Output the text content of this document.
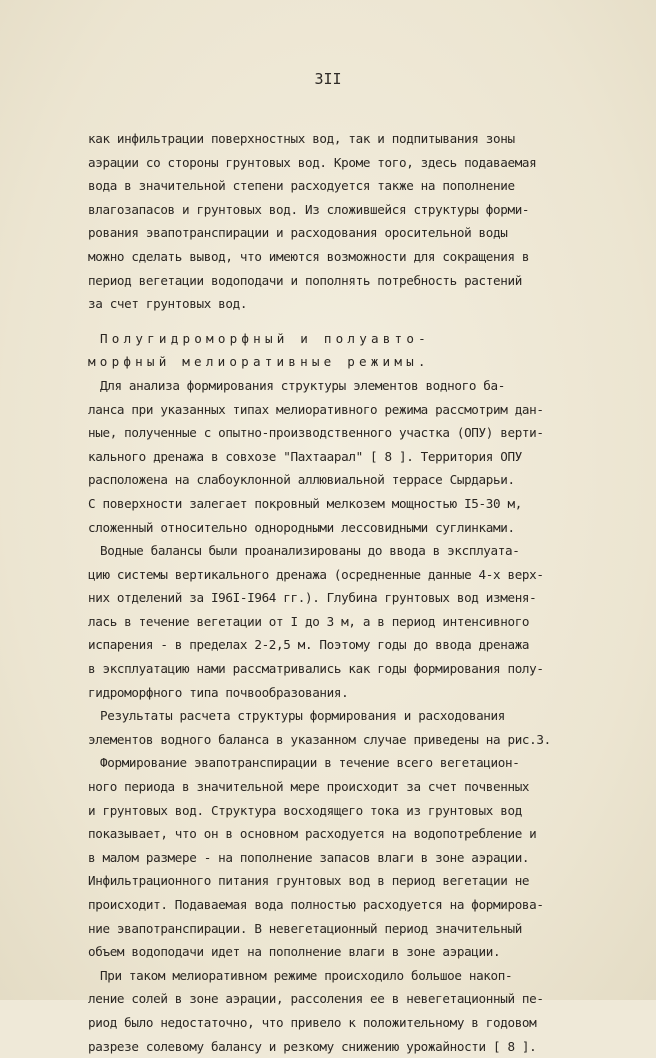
3II
как инфильтрации поверхностных вод, так и подпитывания зоны
аэрации со стороны грунтовых вод. Кроме того, здесь подаваемая
вода в значительной степени расходуется также на пополнение
влагозапасов и грунтовых вод. Из сложившейся структуры форми-
рования эвапотранспирации и расходования оросительной воды
можно сделать вывод, что имеются возможности для сокращения в
период вегетации водоподачи и пополнять потребность растений
за счет грунтовых вод.
Полугидроморфный и полуавто-
морфный мелиоративные режимы.
Для анализа формирования структуры элементов водного ба-
ланса при указанных типах мелиоративного режима рассмотрим дан-
ные, полученные с опытно-производственного участка (ОПУ) верти-
кального дренажа в совхозе "Пахтаарал" [ 8 ]. Территория ОПУ
расположена на слабоуклонной аллювиальной террасе Сырдарьи.
С поверхности залегает покровный мелкозем мощностью I5-30 м,
сложенный относительно однородными лессовидными суглинками.
Водные балансы были проанализированы до ввода в эксплуата-
цию системы вертикального дренажа (осредненные данные 4-х верх-
них отделений за I96I-I964 гг.). Глубина грунтовых вод изменя-
лась в течение вегетации от I до 3 м, а в период интенсивного
испарения - в пределах 2-2,5 м. Поэтому годы до ввода дренажа
в эксплуатацию нами рассматривались как годы формирования полу-
гидроморфного типа почвообразования.
Результаты расчета структуры формирования и расходования
элементов водного баланса в указанном случае приведены на рис.3.
Формирование эвапотранспирации в течение всего вегетацион-
ного периода в значительной мере происходит за счет почвенных
и грунтовых вод. Структура восходящего тока из грунтовых вод
показывает, что он в основном расходуется на водопотребление и
в малом размере - на пополнение запасов влаги в зоне аэрации.
Инфильтрационного питания грунтовых вод в период вегетации не
происходит. Подаваемая вода полностью расходуется на формирова-
ние эвапотранспирации. В невегетационный период значительный
объем водоподачи идет на пополнение влаги в зоне аэрации.
При таком мелиоративном режиме происходило большое накоп-
ление солей в зоне аэрации, рассоления ее в невегетационный пе-
риод было недостаточно, что привело к положительному в годовом
разрезе солевому балансу и резкому снижению урожайности [ 8 ].
